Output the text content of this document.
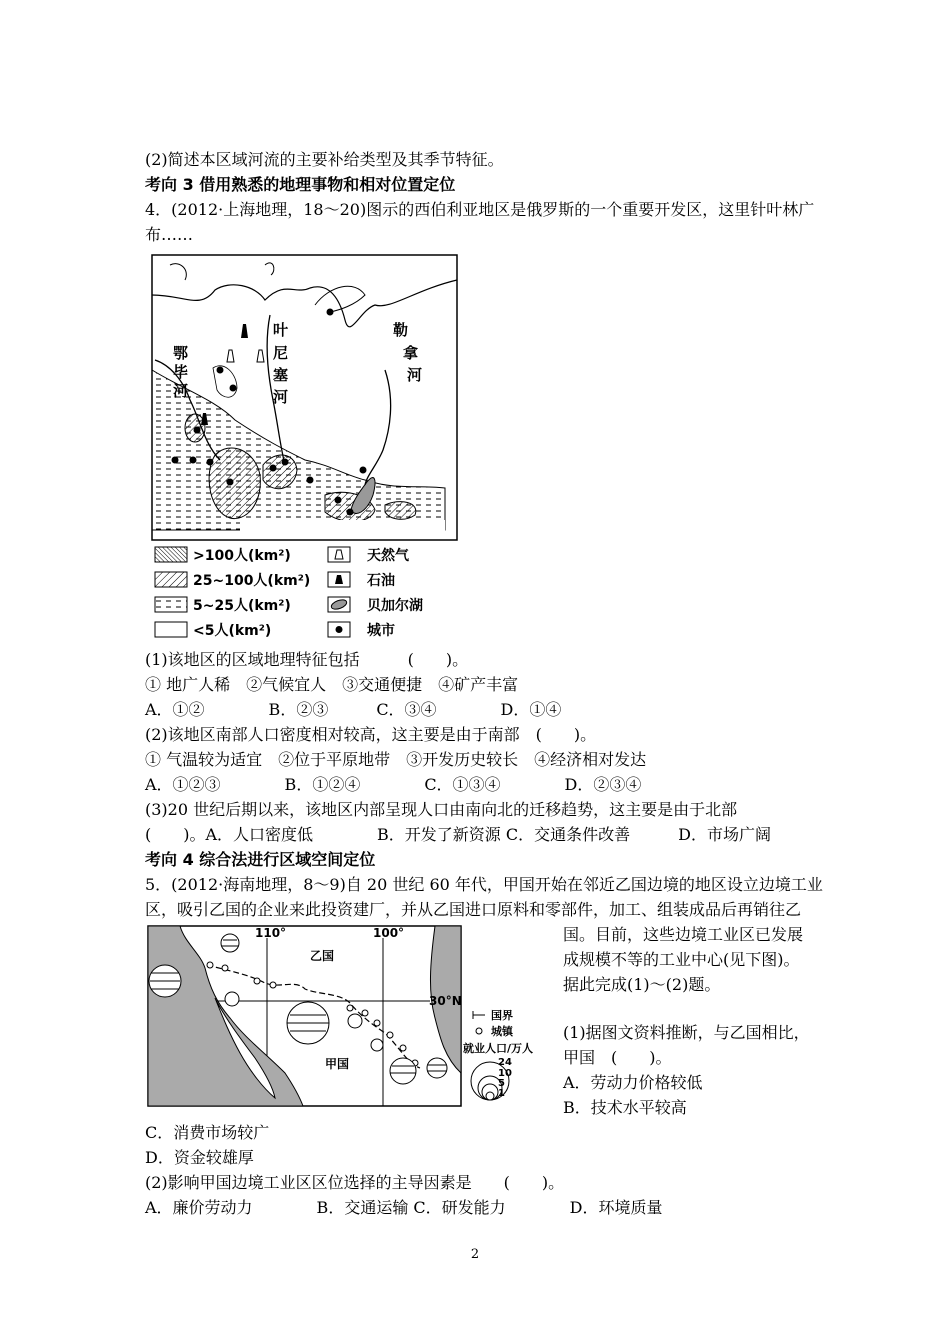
(2)简述本区域河流的主要补给类型及其季节特征。
考向 3 借用熟悉的地理事物和相对位置定位
4．(2012·上海地理，18～20)图示的西伯利亚地区是俄罗斯的一个重要开发区，这里针叶林广
布……
鄂
毕
河
叶
尼
塞
河
勒
拿
河
>100人(km²)
25~100人(km²)
5~25人(km²)
<5人(km²)
天然气
石油
贝加尔湖
城市
(1)该地区的区域地理特征包括　　　(　　)。
① 地广人稀　②气候宜人　③交通便捷　④矿产丰富
A．①②　　　　B．②③　　　C．③④　　　　D．①④
(2)该地区南部人口密度相对较高，这主要是由于南部　(　　)。
① 气温较为适宜　②位于平原地带　③开发历史较长　④经济相对发达
A．①②③　　　　B．①②④　　　　C．①③④　　　　D．②③④
(3)20 世纪后期以来，该地区内部呈现人口由南向北的迁移趋势，这主要是由于北部
(　　)。A．人口密度低　　　　B．开发了新资源 C．交通条件改善　　　D．市场广阔
考向 4 综合法进行区域空间定位
5．(2012·海南地理，8～9)自 20 世纪 60 年代，甲国开始在邻近乙国边境的地区设立边境工业
区，吸引乙国的企业来此投资建厂，并从乙国进口原料和零部件，加工、组装成品后再销往乙
110°	100°
30°N
乙国
甲国
国界
城镇
就业人口/万人
24
10
5
1
国。目前，这些边境工业区已发展
成规模不等的工业中心(见下图)。
据此完成(1)～(2)题。
(1)据图文资料推断，与乙国相比，
甲国　(　　)。
A．劳动力价格较低
B．技术水平较高
C．消费市场较广
D．资金较雄厚
(2)影响甲国边境工业区区位选择的主导因素是　　(　　)。
A．廉价劳动力　　　　B．交通运输 C．研发能力　　　　D．环境质量
2
